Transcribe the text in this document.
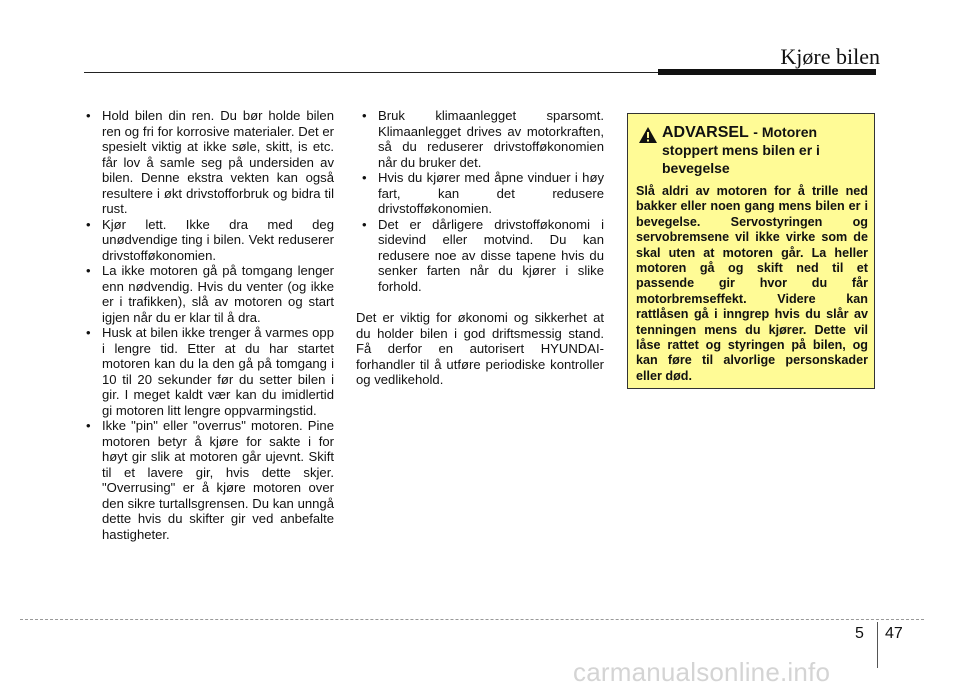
Kjøre bilen
• Hold bilen din ren. Du bør holde bilen ren og fri for korrosive materialer. Det er spesielt viktig at ikke søle, skitt, is etc. får lov å samle seg på undersiden av bilen. Denne ekstra vekten kan også resultere i økt drivstofforbruk og bidra til rust.
• Kjør lett. Ikke dra med deg unødvendige ting i bilen. Vekt reduserer drivstofføkonomien.
• La ikke motoren gå på tomgang lenger enn nødvendig. Hvis du venter (og ikke er i trafikken), slå av motoren og start igjen når du er klar til å dra.
• Husk at bilen ikke trenger å varmes opp i lengre tid. Etter at du har startet motoren kan du la den gå på tomgang i 10 til 20 sekunder før du setter bilen i gir. I meget kaldt vær kan du imidlertid gi motoren litt lengre oppvarmingstid.
• Ikke "pin" eller "overrus" motoren. Pine motoren betyr å kjøre for sakte i for høyt gir slik at motoren går ujevnt. Skift til et lavere gir, hvis dette skjer. "Overrusing" er å kjøre motoren over den sikre turtallsgrensen. Du kan unngå dette hvis du skifter gir ved anbefalte hastigheter.
• Bruk klimaanlegget sparsomt. Klimaanlegget drives av motorkraften, så du reduserer drivstofføkonomien når du bruker det.
• Hvis du kjører med åpne vinduer i høy fart, kan det redusere drivstofføkonomien.
• Det er dårligere drivstofføkonomi i sidevind eller motvind. Du kan redusere noe av disse tapene hvis du senker farten når du kjører i slike forhold.
Det er viktig for økonomi og sikkerhet at du holder bilen i god driftsmessig stand. Få derfor en autorisert HYUNDAI-forhandler til å utføre periodiske kontroller og vedlikehold.
ADVARSEL - Motoren stoppert mens bilen er i bevegelse
Slå aldri av motoren for å trille ned bakker eller noen gang mens bilen er i bevegelse. Servostyringen og servobremsene vil ikke virke som de skal uten at motoren går. La heller motoren gå og skift ned til et passende gir hvor du får motorbremseffekt. Videre kan rattlåsen gå i inngrep hvis du slår av tenningen mens du kjører. Dette vil låse rattet og styringen på bilen, og kan føre til alvorlige personskader eller død.
5 47
carmanualsonline.info
